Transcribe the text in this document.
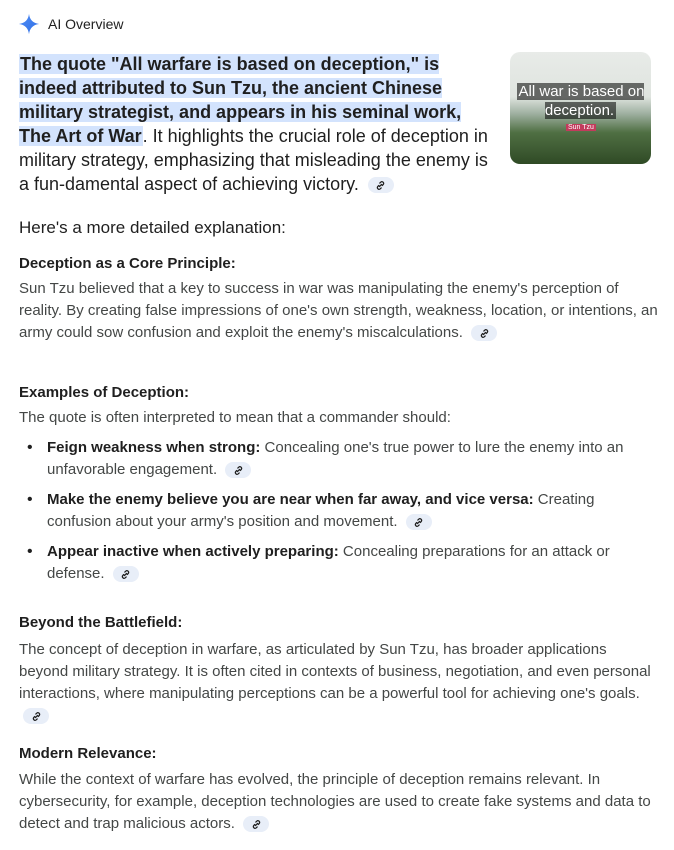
AI Overview
The quote "All warfare is based on deception," is indeed attributed to Sun Tzu, the ancient Chinese military strategist, and appears in his seminal work, The Art of War. It highlights the crucial role of deception in military strategy, emphasizing that misleading the enemy is a fun-damental aspect of achieving victory.
All war is based on deception.
Sun Tzu
Here's a more detailed explanation:
Deception as a Core Principle:
Sun Tzu believed that a key to success in war was manipulating the enemy's perception of reality. By creating false impressions of one's own strength, weakness, location, or intentions, an army could sow confusion and exploit the enemy's miscalculations.
Examples of Deception:
The quote is often interpreted to mean that a commander should:
• Feign weakness when strong: Concealing one's true power to lure the enemy into an unfavorable engagement.
• Make the enemy believe you are near when far away, and vice versa: Creating confusion about your army's position and movement.
• Appear inactive when actively preparing: Concealing preparations for an attack or defense.
Beyond the Battlefield:
The concept of deception in warfare, as articulated by Sun Tzu, has broader applications beyond military strategy. It is often cited in contexts of business, negotiation, and even personal interactions, where manipulating perceptions can be a powerful tool for achieving one's goals.
Modern Relevance:
While the context of warfare has evolved, the principle of deception remains relevant. In cybersecurity, for example, deception technologies are used to create fake systems and data to detect and trap malicious actors.
